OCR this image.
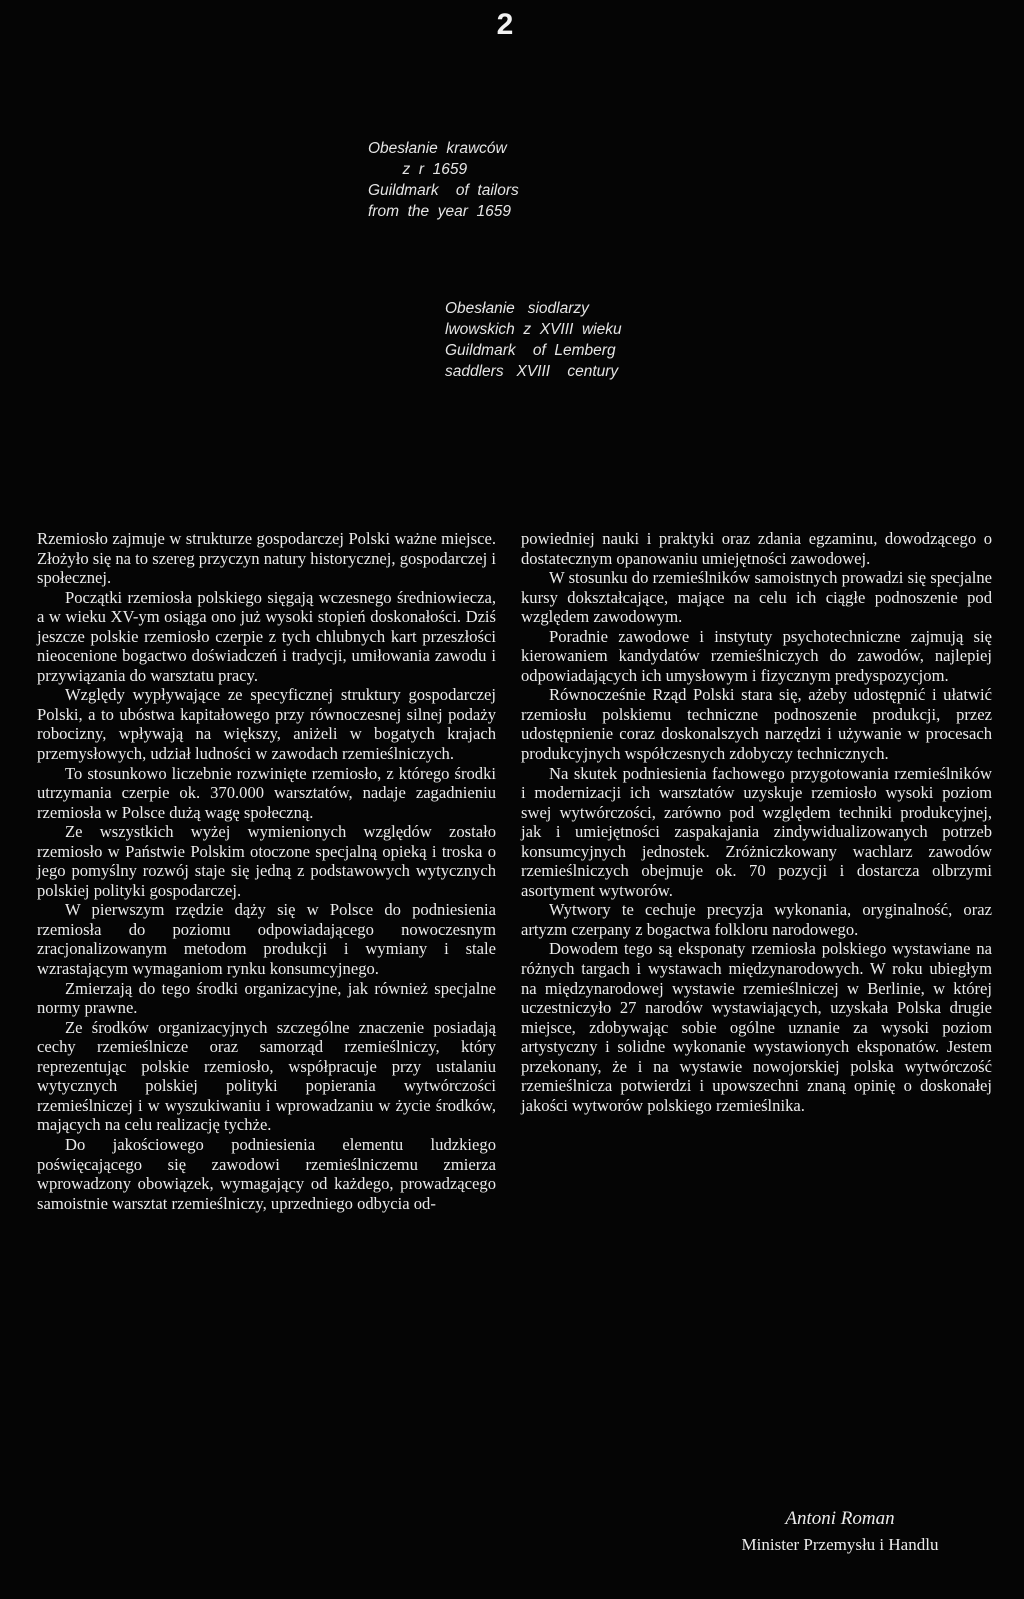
2
Obesłanie  krawców
z  r  1659
Guildmark    of  tailors
from  the  year  1659
Obesłanie   siodlarzy
lwowskich  z  XVIII  wieku
Guildmark    of  Lemberg
saddlers   XVIII    century

Rzemiosło zajmuje w strukturze gospodarczej Polski ważne miejsce. Złożyło się na to szereg przyczyn natury historycznej, gospodarczej i społecznej.

Początki rzemiosła polskiego sięgają wczesnego średniowiecza, a w wieku XV-ym osiąga ono już wysoki stopień doskonałości. Dziś jeszcze polskie rzemiosło czerpie z tych chlubnych kart przeszłości nieocenione bogactwo doświadczeń i tradycji, umiłowania zawodu i przywiązania do warsztatu pracy.

Względy wypływające ze specyficznej struktury gospodarczej Polski, a to ubóstwa kapitałowego przy równoczesnej silnej podaży robocizny, wpływają na większy, aniżeli w bogatych krajach przemysłowych, udział ludności w zawodach rzemieślniczych.

To stosunkowo liczebnie rozwinięte rzemiosło, z którego środki utrzymania czerpie ok. 370.000 warsztatów, nadaje zagadnieniu rzemiosła w Polsce dużą wagę społeczną.

Ze wszystkich wyżej wymienionych względów zostało rzemiosło w Państwie Polskim otoczone specjalną opieką i troska o jego pomyślny rozwój staje się jedną z podstawowych wytycznych polskiej polityki gospodarczej.

W pierwszym rzędzie dąży się w Polsce do podniesienia rzemiosła do poziomu odpowiadającego nowoczesnym zracjonalizowanym metodom produkcji i wymiany i stale wzrastającym wymaganiom rynku konsumcyjnego.

Zmierzają do tego środki organizacyjne, jak również specjalne normy prawne.

Ze środków organizacyjnych szczególne znaczenie posiadają cechy rzemieślnicze oraz samorząd rzemieślniczy, który reprezentując polskie rzemiosło, współpracuje przy ustalaniu wytycznych polskiej polityki popierania wytwórczości rzemieślniczej i w wyszukiwaniu i wprowadzaniu w życie środków, mających na celu realizację tychże.

Do jakościowego podniesienia elementu ludzkiego poświęcającego się zawodowi rzemieślniczemu zmierza wprowadzony obowiązek, wymagający od każdego, prowadzącego samoistnie warsztat rzemieślniczy, uprzedniego odbycia od-

powiedniej nauki i praktyki oraz zdania egzaminu, dowodzącego o dostatecznym opanowaniu umiejętności zawodowej.

W stosunku do rzemieślników samoistnych prowadzi się specjalne kursy dokształcające, mające na celu ich ciągłe podnoszenie pod względem zawodowym.

Poradnie zawodowe i instytuty psychotechniczne zajmują się kierowaniem kandydatów rzemieślniczych do zawodów, najlepiej odpowiadających ich umysłowym i fizycznym predyspozycjom.

Równocześnie Rząd Polski stara się, ażeby udostępnić i ułatwić rzemiosłu polskiemu techniczne podnoszenie produkcji, przez udostępnienie coraz doskonalszych narzędzi i używanie w procesach produkcyjnych współczesnych zdobyczy technicznych.

Na skutek podniesienia fachowego przygotowania rzemieślników i modernizacji ich warsztatów uzyskuje rzemiosło wysoki poziom swej wytwórczości, zarówno pod względem techniki produkcyjnej, jak i umiejętności zaspakajania zindywidualizowanych potrzeb konsumcyjnych jednostek. Zróżniczkowany wachlarz zawodów rzemieślniczych obejmuje ok. 70 pozycji i dostarcza olbrzymi asortyment wytworów.

Wytwory te cechuje precyzja wykonania, oryginalność, oraz artyzm czerpany z bogactwa folkloru narodowego.

Dowodem tego są eksponaty rzemiosła polskiego wystawiane na różnych targach i wystawach międzynarodowych. W roku ubiegłym na międzynarodowej wystawie rzemieślniczej w Berlinie, w której uczestniczyło 27 narodów wystawiających, uzyskała Polska drugie miejsce, zdobywając sobie ogólne uznanie za wysoki poziom artystyczny i solidne wykonanie wystawionych eksponatów. Jestem przekonany, że i na wystawie nowojorskiej polska wytwórczość rzemieślnicza potwierdzi i upowszechni znaną opinię o doskonałej jakości wytworów polskiego rzemieślnika.

Antoni Roman
Minister Przemysłu i Handlu
